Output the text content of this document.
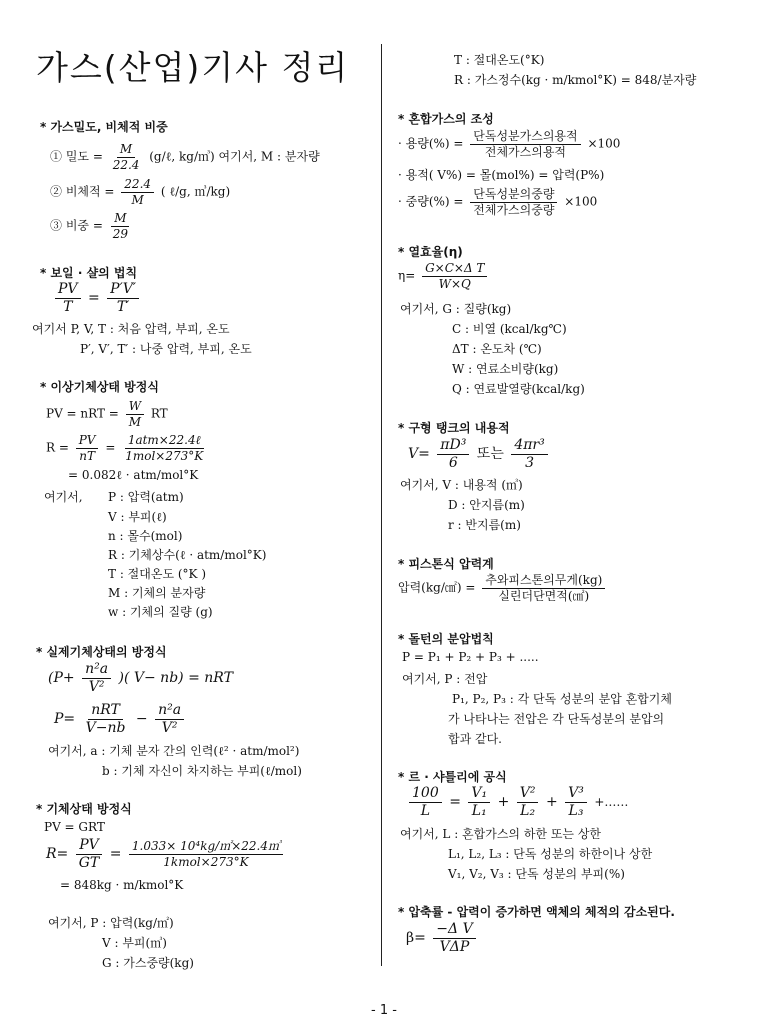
가스(산업)기사 정리
* 가스밀도, 비체적 비중
① 밀도 = $\frac{M}{22.4}$ (g/ℓ, kg/㎥) 여기서, M : 분자량
② 비체적 = $\frac{22.4}{M}$ ( ℓ/g, ㎥/kg)
③ 비중 = $\frac{M}{29}$
* 보일 · 샬의 법칙
$\frac{PV}{T} = \frac{P'V'}{T'}$
여기서 P, V, T : 처음 압력, 부피, 온도
P′, V′, T′ : 나중 압력, 부피, 온도
* 이상기체상태 방정식
PV = nRT = $\frac{W}{M}$ RT
$R = \frac{PV}{nT} = \frac{\text{1atm×22.4ℓ}}{\text{1mol×273°K}}$
= 0.082ℓ · atm/mol°K
여기서, P : 압력(atm)
V : 부피(ℓ)
n : 몰수(mol)
R : 기체상수(ℓ · atm/mol°K)
T : 절대온도 (°K )
M : 기체의 분자량
w : 기체의 질량 (g)
* 실제기체상태의 방정식
($P+ \frac{\text{n²a}}{\text{V²}}$ )( V− nb) = nRT
$P= \frac{\text{nRT}}{V-nb} - \frac{\text{n²a}}{\text{V²}}$
여기서, a : 기체 분자 간의 인력(ℓ² · atm/mol²)
b : 기체 자신이 차지하는 부피(ℓ/mol)
* 기체상태 방정식
PV = GRT
$R= \frac{PV}{GT} = \frac{\text{1.033× 10⁴kg/㎡×22.4㎥}}{\text{1kmol×273°K}}$
= 848kg · m/kmol°K
여기서, P : 압력(kg/㎡)
V : 부피(㎥)
G : 가스중량(kg)
T : 절대온도(°K)
R : 가스정수(kg · m/kmol°K) = 848/분자량
* 혼합가스의 조성
· 용량(%) = $\frac{\text{단독성분가스의용적}}{\text{전체가스의용적}} \times 100$
· 용적( V%) = 몰(mol%) = 압력(P%)
· 중량(%) = $\frac{\text{단독성분의중량}}{\text{전체가스의중량}} \times 100$
* 열효율(η)
$\eta= \frac{\text{G×C×Δ T}}{W\times Q}$
여기서, G : 질량(kg)
C : 비열 (kcal/kg℃)
ΔT : 온도차 (℃)
W : 연료소비량(kg)
Q : 연료발열량(kcal/kg)
* 구형 탱크의 내용적
$V= \frac{\text{πD³}}{6}$ 또는 $\frac{\text{4πr³}}{3}$
여기서, V : 내용적 (㎥)
D : 안지름(m)
r : 반지름(m)
* 피스톤식 압력계
압력(kg/㎠) = $\frac{\text{추와피스톤의무게(kg)}}{\text{실린더단면적(㎠)}}$
* 돌턴의 분압법칙
P = P₁ + P₂ + P₃ + .....
여기서, P : 전압
P₁, P₂, P₃ : 각 단독 성분의 분압 혼합기체
가 나타나는 전압은 각 단독성분의 분압의
합과 같다.
* 르 · 샤틀리에 공식
$\frac{100}{L} = \frac{\text{V₁}}{\text{L₁}} + \frac{\text{V²}}{\text{L₂}} + \frac{\text{V³}}{\text{L₃}}$ +……
여기서, L : 혼합가스의 하한 또는 상한
L₁, L₂, L₃ : 단독 성분의 하한이나 상한
V₁, V₂, V₃ : 단독 성분의 부피(%)
* 압축률 - 압력이 증가하면 액체의 체적의 감소된다.
$\beta= \frac{\text{−Δ V}}{\text{VΔP}}$
- 1 -
